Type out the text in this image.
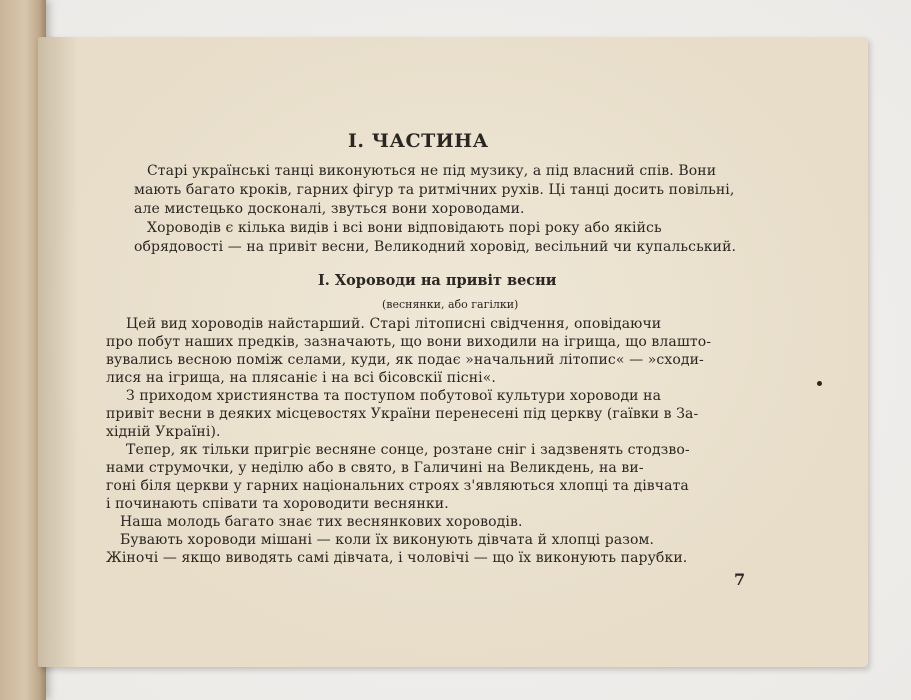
I. ЧАСТИНА
Старі українські танці виконуються не під музику, а під власний спів. Вони
мають багато кроків, гарних фігур та ритмічних рухів. Ці танці досить повільні,
але мистецько досконалі, звуться вони хороводами.
Хороводів є кілька видів і всі вони відповідають порі року або якійсь
обрядовості — на привіт весни, Великодний хоровід, весільний чи купальський.
I. Хороводи на привіт весни
(веснянки, або гагілки)
Цей вид хороводів найстарший. Старі літописні свідчення, оповідаючи
про побут наших предків, зазначають, що вони виходили на ігрища, що влашто-
вувались весною поміж селами, куди, як подає »начальний літопис« — »сходи-
лися на ігрища, на плясаніє і на всі бісовскії пісні«.
З приходом християнства та поступом побутової культури хороводи на
привіт весни в деяких місцевостях України перенесені під церкву (гаївки в За-
хідній Україні).
Тепер, як тільки пригріє весняне сонце, розтане сніг і задзвенять стодзво-
нами струмочки, у неділю або в свято, в Галичині на Великдень, на ви-
гоні біля церкви у гарних національних строях з'являються хлопці та дівчата
і починають співати та хороводити веснянки.
Наша молодь багато знає тих веснянкових хороводів.
Бувають хороводи мішані — коли їх виконують дівчата й хлопці разом.
Жіночі — якщо виводять самі дівчата, і чоловічі — що їх виконують парубки.
7
